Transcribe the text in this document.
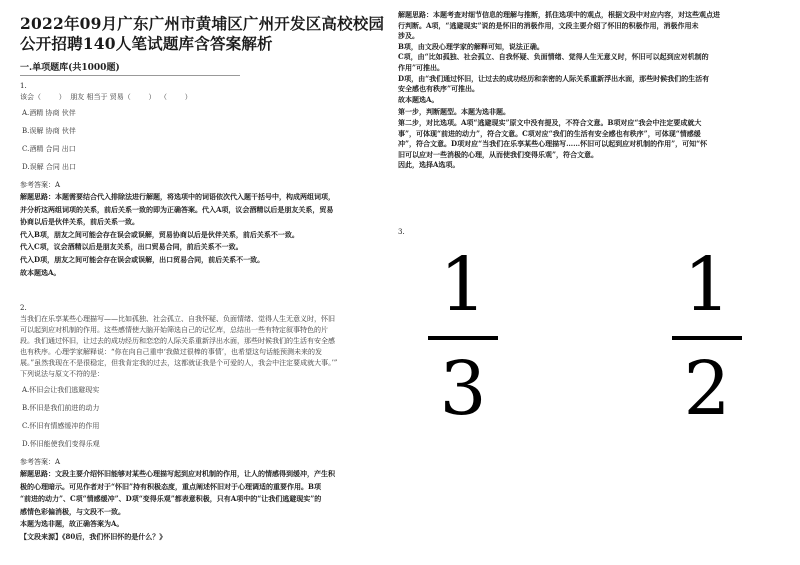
2022年09月广东广州市黄埔区广州开发区高校校园
公开招聘140人笔试题库含答案解析
一.单项题库(共1000题)
1.
该会（        ）  朋友 相当于 贸易（        ）  （        ）
A.酒精 协商 伙伴
B.误解 协商 伙伴
C.酒精 合同 出口
D.误解 合同 出口
参考答案：A
解题思路：本题需要结合代入排除法进行解题，将选项中的词语依次代入题干括号中，构成两组词项，
并分析这两组词项的关系，前后关系一致的即为正确答案。代入A项，议会酒精以后是朋友关系，贸易
协商以后是伙伴关系，前后关系一致。
代入B项，朋友之间可能会存在误会或误解，贸易协商以后是伙伴关系，前后关系不一致。
代入C项，议会酒精以后是朋友关系，出口贸易合同，前后关系不一致。
代入D项，朋友之间可能会存在误会或误解，出口贸易合同，前后关系不一致。
故本题选A。
2.
当我们在乐享某些心理描写——比如孤独、社会孤立、自我怀疑、负面情绪、觉得人生无意义时，怀旧
可以起到应对机制的作用。这些感情使大脑开始筛选自己的记忆库，总结出一些有特定叙事特色的片
段。我们通过怀旧，让过去的成功经历和恋恋的人际关系重新浮出水面，那些时候我们的生活有安全感
也有秩序。心理学家解释说：“你在向自己重申‘我做过很棒的事情’，也希望这句话能预测未来的发
展。”虽然我现在不是很稳定，但我肯定我的过去，这都就证我是个可爱的人，我会中注定要成就大事。’”
下列说法与原文不符的是：
A.怀旧会让我们逃避现实
B.怀旧是我们前进的动力
C.怀旧有情感缓冲的作用
D.怀旧能使我们变得乐观
参考答案：A
解题思路：文段主要介绍怀旧能够对某些心理描写起到应对机制的作用，让人的情感得到缓冲，产生积
极的心理暗示。可见作者对于“怀旧”持有积极态度，重点阐述怀旧对于心理调适的重要作用。B项
“前进的动力”、C项“情感缓冲”、D项“变得乐观”都表意积极，只有A项中的“让我们逃避现实”的
感情色彩偏消极，与文段不一致。
本题为选非题，故正确答案为A。
【文段来源】《80后，我们怀旧怀的是什么？》
解题思路：本题考查对细节信息的理解与推断，抓住选项中的观点，根据文段中对应内容，对这些观点进
行判断。A项，“逃避现实”说的是怀旧的消极作用，文段主要介绍了怀旧的积极作用，消极作用未
涉及。
B项，由文段心理学家的解释可知，说法正确。
C项，由“比如孤独、社会孤立、自我怀疑、负面情绪、觉得人生无意义时，怀旧可以起到应对机制的
作用”可推出。
D项，由“我们通过怀旧，让过去的成功经历和亲密的人际关系重新浮出水面，那些时候我们的生活有
安全感也有秩序”可推出。
故本题选A。
第一步，判断题型。本题为选非题。
第二步，对比选项。A项“逃避现实”原文中没有提及，不符合文意。B项对应“我会中注定要成就大
事”，可体现“前进的动力”，符合文意。C项对应“我们的生活有安全感也有秩序”，可体现“情感缓
冲”，符合文意。D项对应“当我们在乐享某些心理描写……怀旧可以起到应对机制的作用”，可知“怀
旧可以应对一些消极的心理，从而使我们变得乐观”，符合文意。
因此，选择A选项。
3.
1
3
1
2
